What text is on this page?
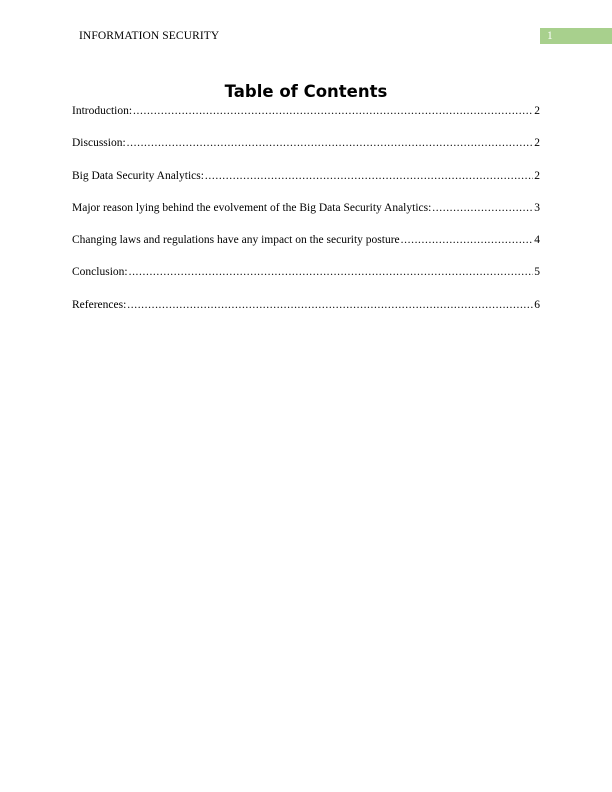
INFORMATION SECURITY	1
Table of Contents
Introduction: .....	2
Discussion: .....	2
Big Data Security Analytics: .....	2
Major reason lying behind the evolvement of the Big Data Security Analytics: .....	3
Changing laws and regulations have any impact on the security posture .....	4
Conclusion: .....	5
References: .....	6
